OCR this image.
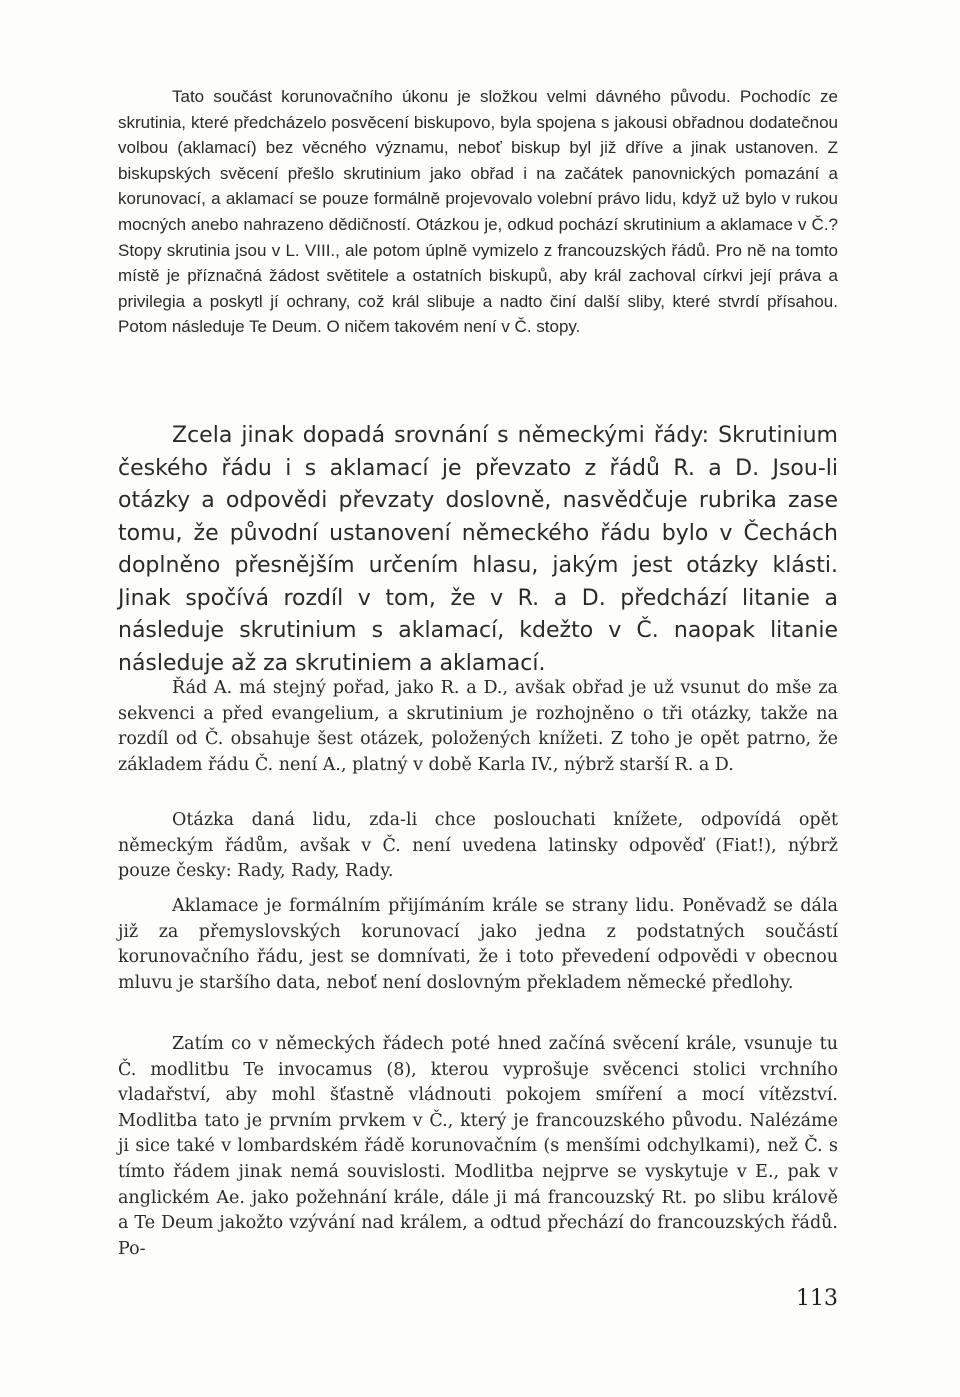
Tato součást korunovačního úkonu je složkou velmi dávného původu. Pochodíc ze skrutinia, které předcházelo posvěcení biskupovo, byla spojena s jakousi obřadnou dodatečnou volbou (aklamací) bez věcného významu, neboť biskup byl již dříve a jinak ustanoven. Z biskupských svěcení přešlo skrutinium jako obřad i na začátek panovnických pomazání a korunovací, a aklamací se pouze formálně projevovalo volební právo lidu, když už bylo v rukou mocných anebo nahrazeno dědičností. Otázkou je, odkud pochází skrutinium a aklamace v Č.? Stopy skrutinia jsou v L. VIII., ale potom úplně vymizelo z francouzských řádů. Pro ně na tomto místě je příznačná žádost světitele a ostatních biskupů, aby král zachoval církvi její práva a privilegia a poskytl jí ochrany, což král slibuje a nadto činí další sliby, které stvrdí přísahou. Potom následuje Te Deum. O ničem takovém není v Č. stopy.

Zcela jinak dopadá srovnání s německými řády: Skrutinium českého řádu i s aklamací je převzato z řádů R. a D. Jsou-li otázky a odpovědi převzaty doslovně, nasvědčuje rubrika zase tomu, že původní ustanovení německého řádu bylo v Čechách doplněno přesnějším určením hlasu, jakým jest otázky klásti. Jinak spočívá rozdíl v tom, že v R. a D. předchází litanie a následuje skrutinium s aklamací, kdežto v Č. naopak litanie následuje až za skrutiniem a aklamací.

Řád A. má stejný pořad, jako R. a D., avšak obřad je už vsunut do mše za sekvenci a před evangelium, a skrutinium je rozhojněno o tři otázky, takže na rozdíl od Č. obsahuje šest otázek, položených knížeti. Z toho je opět patrno, že základem řádu Č. není A., platný v době Karla IV., nýbrž starší R. a D.

Otázka daná lidu, zda-li chce poslouchati knížete, odpovídá opět německým řádům, avšak v Č. není uvedena latinsky odpověď (Fiat!), nýbrž pouze česky: Rady, Rady, Rady.

Aklamace je formálním přijímáním krále se strany lidu. Poněvadž se dála již za přemyslovských korunovací jako jedna z podstatných součástí korunovačního řádu, jest se domnívati, že i toto převedení odpovědi v obecnou mluvu je staršího data, neboť není doslovným překladem německé předlohy.

Zatím co v německých řádech poté hned začíná svěcení krále, vsunuje tu Č. modlitbu Te invocamus (8), kterou vyprošuje svěcenci stolici vrchního vladařství, aby mohl šťastně vládnouti pokojem smíření a mocí vítězství. Modlitba tato je prvním prvkem v Č., který je francouzského původu. Nalézáme ji sice také v lombardském řádě korunovačním (s menšími odchylkami), než Č. s tímto řádem jinak nemá souvislosti. Modlitba nejprve se vyskytuje v E., pak v anglickém Ae. jako požehnání krále, dále ji má francouzský Rt. po slibu králově a Te Deum jakožto vzývání nad králem, a odtud přechází do francouzských řádů. Po-

113
